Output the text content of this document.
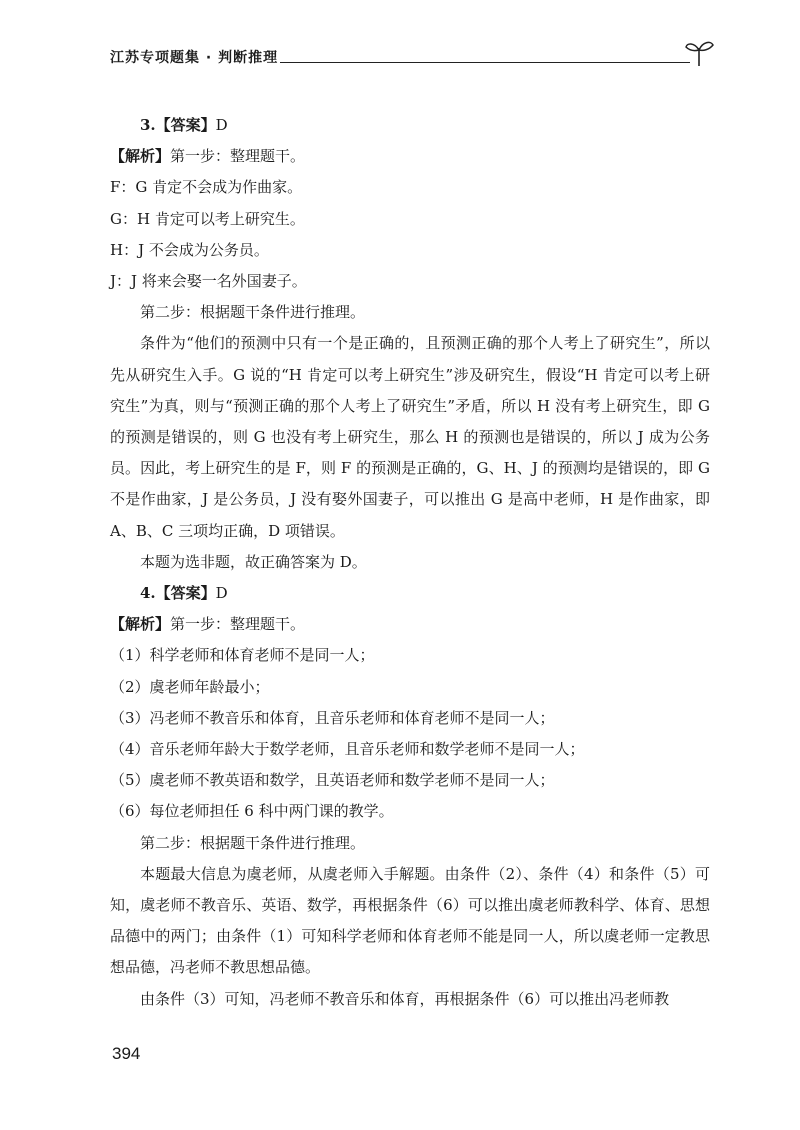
江苏专项题集 · 判断推理

3.【答案】D

【解析】第一步：整理题干。

F：G 肯定不会成为作曲家。

G：H 肯定可以考上研究生。

H：J 不会成为公务员。

J：J 将来会娶一名外国妻子。

第二步：根据题干条件进行推理。

条件为“他们的预测中只有一个是正确的，且预测正确的那个人考上了研究生”，所以先从研究生入手。G 说的“H 肯定可以考上研究生”涉及研究生，假设“H 肯定可以考上研究生”为真，则与“预测正确的那个人考上了研究生”矛盾，所以 H 没有考上研究生，即 G 的预测是错误的，则 G 也没有考上研究生，那么 H 的预测也是错误的，所以 J 成为公务员。因此，考上研究生的是 F，则 F 的预测是正确的，G、H、J 的预测均是错误的，即 G 不是作曲家，J 是公务员，J 没有娶外国妻子，可以推出 G 是高中老师，H 是作曲家，即 A、B、C 三项均正确，D 项错误。

本题为选非题，故正确答案为 D。

4.【答案】D

【解析】第一步：整理题干。

（1）科学老师和体育老师不是同一人；

（2）虞老师年龄最小；

（3）冯老师不教音乐和体育，且音乐老师和体育老师不是同一人；

（4）音乐老师年龄大于数学老师，且音乐老师和数学老师不是同一人；

（5）虞老师不教英语和数学，且英语老师和数学老师不是同一人；

（6）每位老师担任 6 科中两门课的教学。

第二步：根据题干条件进行推理。

本题最大信息为虞老师，从虞老师入手解题。由条件（2）、条件（4）和条件（5）可知，虞老师不教音乐、英语、数学，再根据条件（6）可以推出虞老师教科学、体育、思想品德中的两门；由条件（1）可知科学老师和体育老师不能是同一人，所以虞老师一定教思想品德，冯老师不教思想品德。

由条件（3）可知，冯老师不教音乐和体育，再根据条件（6）可以推出冯老师教

394
